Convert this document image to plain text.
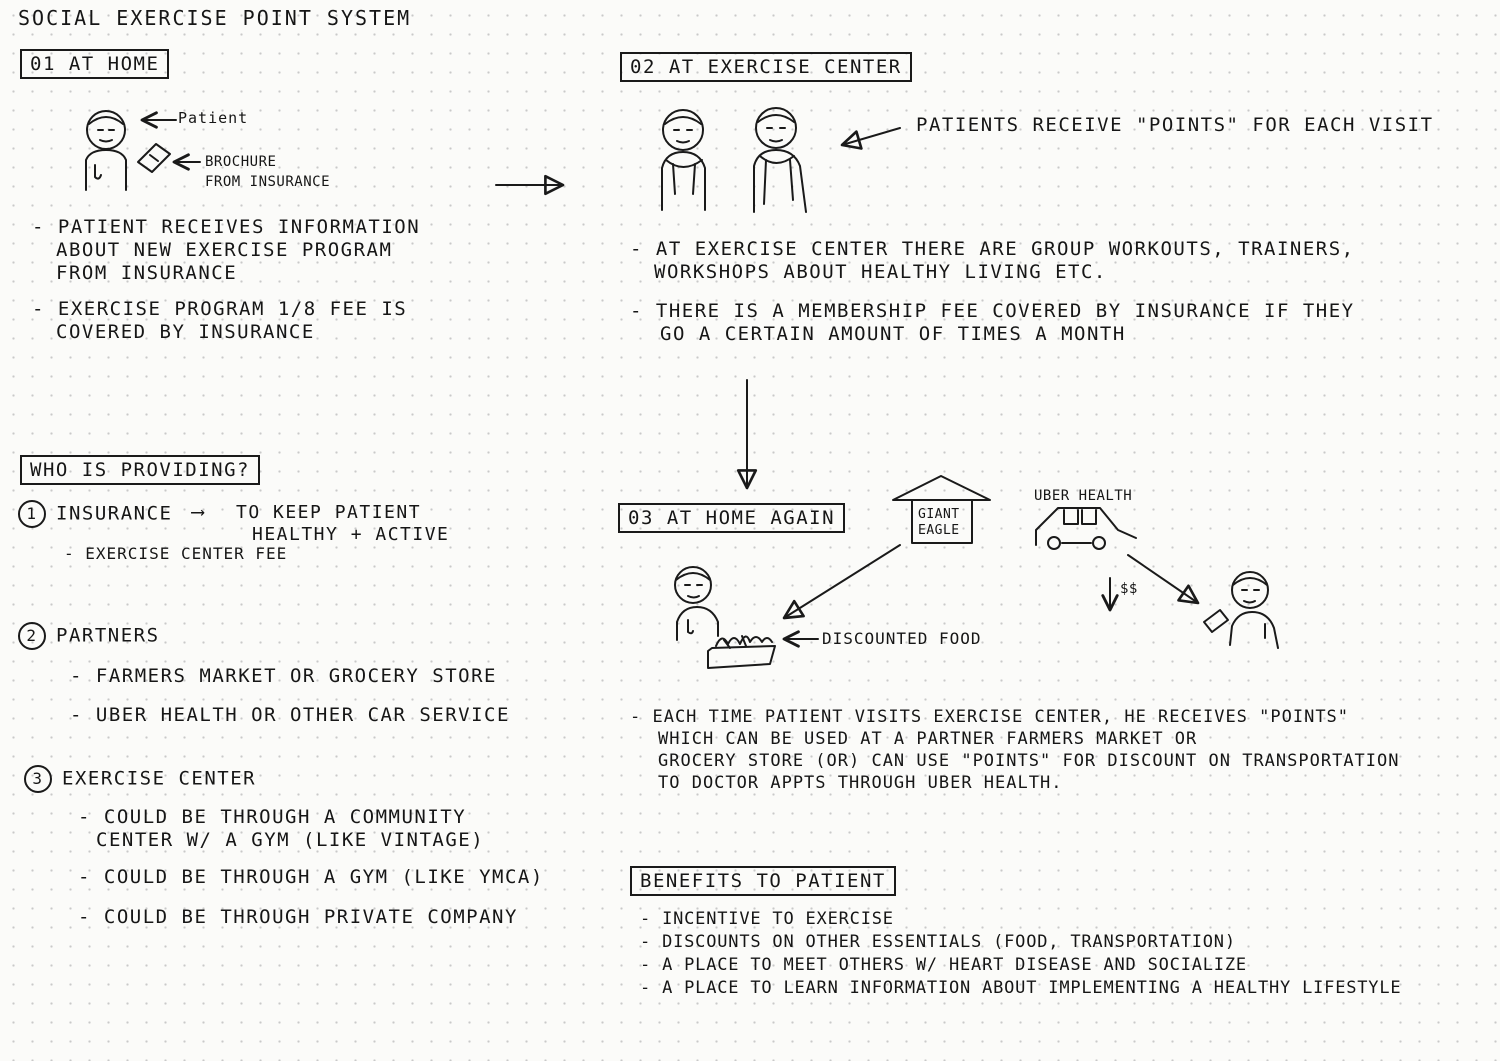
SOCIAL EXERCISE POINT SYSTEM
01 AT HOME
Patient
BROCHURE
FROM INSURANCE
- PATIENT RECEIVES INFORMATION
ABOUT NEW EXERCISE PROGRAM
FROM INSURANCE
- EXERCISE PROGRAM 1/8 FEE IS
COVERED BY INSURANCE
02 AT EXERCISE CENTER
PATIENTS RECEIVE "POINTS" FOR EACH VISIT
- AT EXERCISE CENTER THERE ARE GROUP WORKOUTS, TRAINERS,
WORKSHOPS ABOUT HEALTHY LIVING ETC.
- THERE IS A MEMBERSHIP FEE COVERED BY INSURANCE IF THEY
GO A CERTAIN AMOUNT OF TIMES A MONTH
WHO IS PROVIDING?
1 INSURANCE ⟶ TO KEEP PATIENT
HEALTHY + ACTIVE
- EXERCISE CENTER FEE
2 PARTNERS
- FARMERS MARKET OR GROCERY STORE
- UBER HEALTH OR OTHER CAR SERVICE
3 EXERCISE CENTER
- COULD BE THROUGH A COMMUNITY
CENTER W/ A GYM (LIKE VINTAGE)
- COULD BE THROUGH A GYM (LIKE YMCA)
- COULD BE THROUGH PRIVATE COMPANY
03 AT HOME AGAIN	GIANT
EAGLE
UBER HEALTH
$$
DISCOUNTED FOOD
- EACH TIME PATIENT VISITS EXERCISE CENTER, HE RECEIVES "POINTS"
WHICH CAN BE USED AT A PARTNER FARMERS MARKET OR
GROCERY STORE (OR) CAN USE "POINTS" FOR DISCOUNT ON TRANSPORTATION
TO DOCTOR APPTS THROUGH UBER HEALTH.
BENEFITS TO PATIENT
- INCENTIVE TO EXERCISE
- DISCOUNTS ON OTHER ESSENTIALS (FOOD, TRANSPORTATION)
- A PLACE TO MEET OTHERS W/ HEART DISEASE AND SOCIALIZE
- A PLACE TO LEARN INFORMATION ABOUT IMPLEMENTING A HEALTHY LIFESTYLE
